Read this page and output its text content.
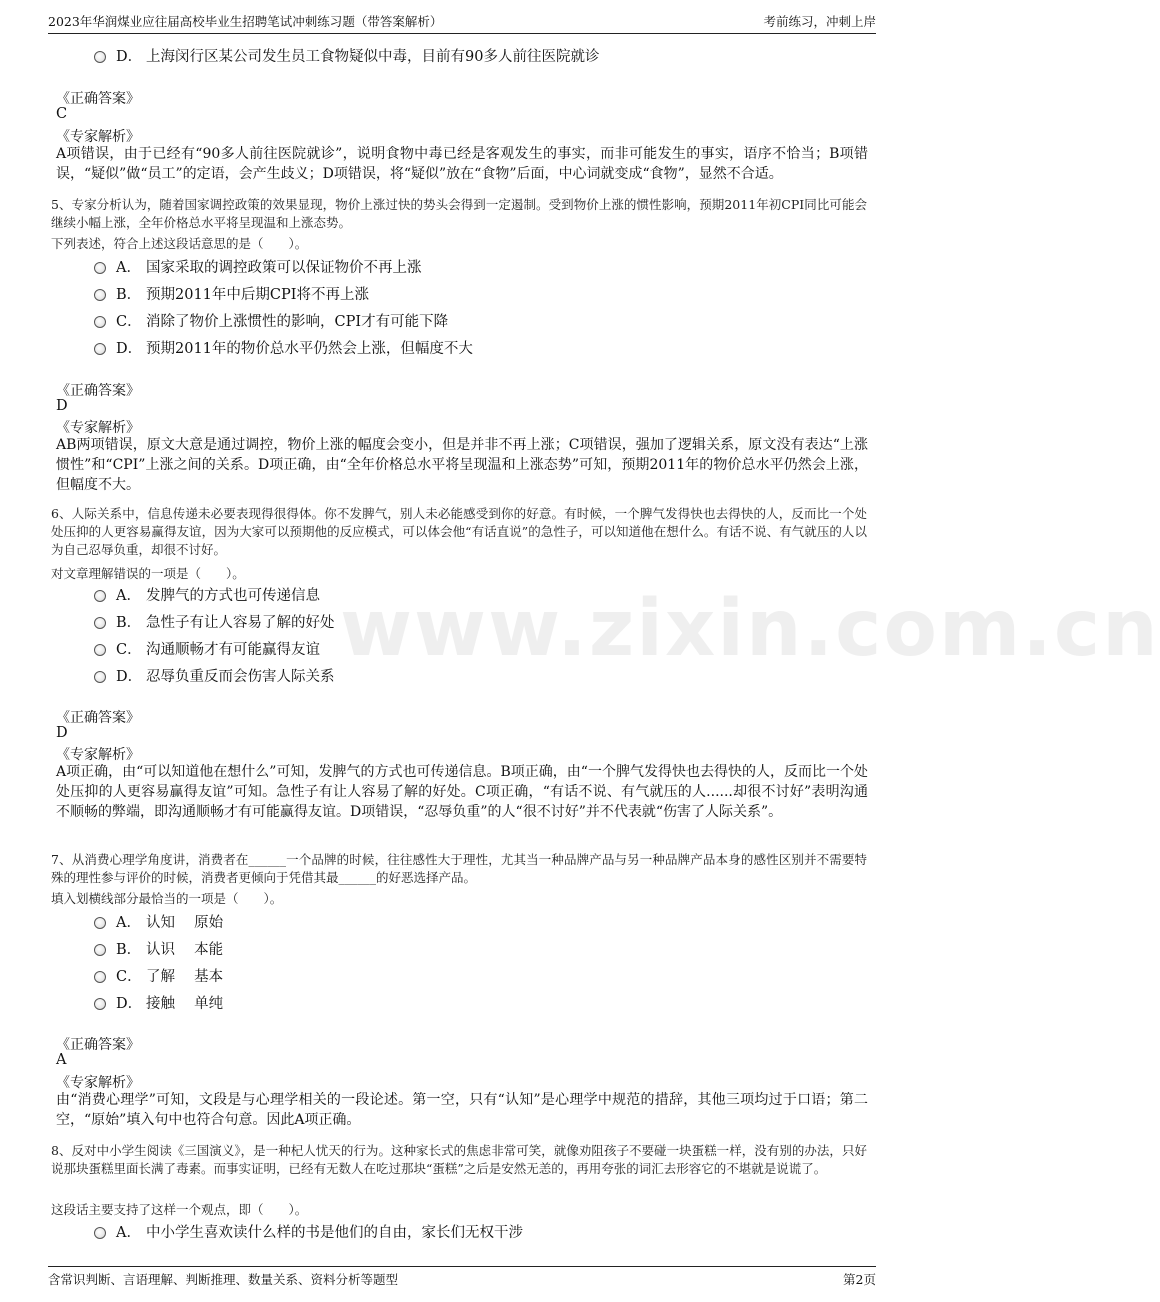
2023年华润煤业应往届高校毕业生招聘笔试冲刺练习题（带答案解析）	考前练习，冲刺上岸
www.zixin.com.cn
D． 上海闵行区某公司发生员工食物疑似中毒，目前有90多人前往医院就诊
《正确答案》
C
《专家解析》
A项错误，由于已经有“90多人前往医院就诊”，说明食物中毒已经是客观发生的事实，而非可能发生的事实，语序不恰当；B项错误，“疑似”做“员工”的定语，会产生歧义；D项错误，将“疑似”放在“食物”后面，中心词就变成“食物”，显然不合适。
5、专家分析认为，随着国家调控政策的效果显现，物价上涨过快的势头会得到一定遏制。受到物价上涨的惯性影响，预期2011年初CPI同比可能会继续小幅上涨，全年价格总水平将呈现温和上涨态势。
下列表述，符合上述这段话意思的是（　　）。
A． 国家采取的调控政策可以保证物价不再上涨
B． 预期2011年中后期CPI将不再上涨
C． 消除了物价上涨惯性的影响，CPI才有可能下降
D． 预期2011年的物价总水平仍然会上涨，但幅度不大
《正确答案》
D
《专家解析》
AB两项错误，原文大意是通过调控，物价上涨的幅度会变小，但是并非不再上涨；C项错误，强加了逻辑关系，原文没有表达“上涨惯性”和“CPI”上涨之间的关系。D项正确，由“全年价格总水平将呈现温和上涨态势”可知，预期2011年的物价总水平仍然会上涨，但幅度不大。
6、人际关系中，信息传递未必要表现得很得体。你不发脾气，别人未必能感受到你的好意。有时候，一个脾气发得快也去得快的人，反而比一个处处压抑的人更容易赢得友谊，因为大家可以预期他的反应模式，可以体会他“有话直说”的急性子，可以知道他在想什么。有话不说、有气就压的人以为自己忍辱负重，却很不讨好。
对文章理解错误的一项是（　　）。
A． 发脾气的方式也可传递信息
B． 急性子有让人容易了解的好处
C． 沟通顺畅才有可能赢得友谊
D． 忍辱负重反而会伤害人际关系
《正确答案》
D
《专家解析》
A项正确，由“可以知道他在想什么”可知，发脾气的方式也可传递信息。B项正确，由“一个脾气发得快也去得快的人，反而比一个处处压抑的人更容易赢得友谊”可知。急性子有让人容易了解的好处。C项正确，“有话不说、有气就压的人......却很不讨好”表明沟通不顺畅的弊端，即沟通顺畅才有可能赢得友谊。D项错误，“忍辱负重”的人“很不讨好”并不代表就“伤害了人际关系”。
7、从消费心理学角度讲，消费者在______一个品牌的时候，往往感性大于理性，尤其当一种品牌产品与另一种品牌产品本身的感性区别并不需要特殊的理性参与评价的时候，消费者更倾向于凭借其最______的好恶选择产品。
填入划横线部分最恰当的一项是（　　）。
A． 认知　 原始
B． 认识　 本能
C． 了解　 基本
D． 接触　 单纯
《正确答案》
A
《专家解析》
由“消费心理学”可知，文段是与心理学相关的一段论述。第一空，只有“认知”是心理学中规范的措辞，其他三项均过于口语；第二空，“原始”填入句中也符合句意。因此A项正确。
8、反对中小学生阅读《三国演义》，是一种杞人忧天的行为。这种家长式的焦虑非常可笑，就像劝阻孩子不要碰一块蛋糕一样，没有别的办法，只好说那块蛋糕里面长满了毒素。而事实证明，已经有无数人在吃过那块“蛋糕”之后是安然无恙的，再用夸张的词汇去形容它的不堪就是说谎了。
这段话主要支持了这样一个观点，即（　　）。
A． 中小学生喜欢读什么样的书是他们的自由，家长们无权干涉
含常识判断、言语理解、判断推理、数量关系、资料分析等题型	第2页
